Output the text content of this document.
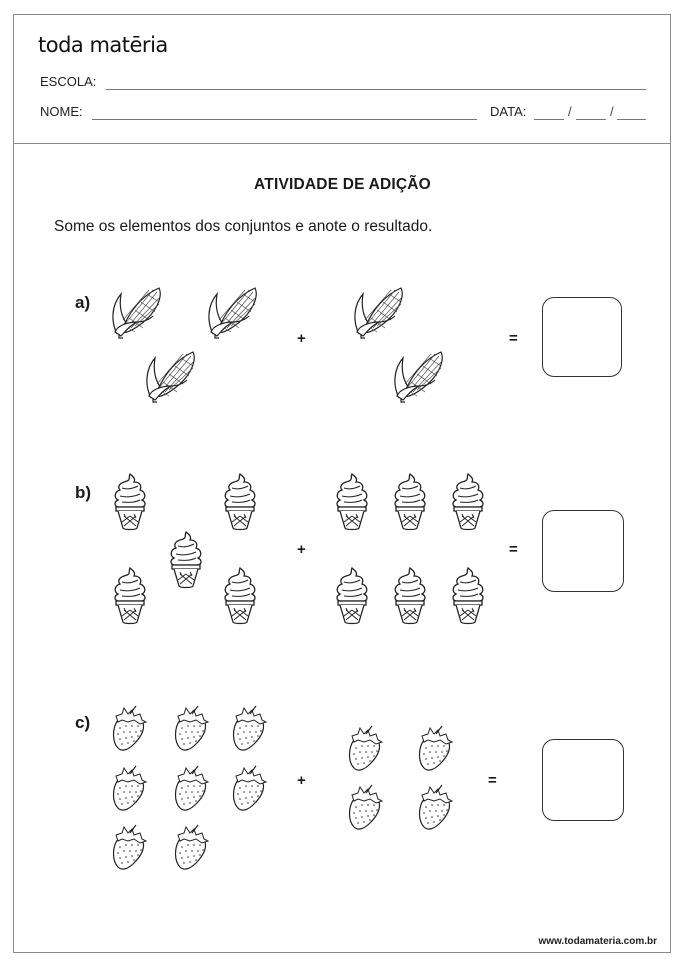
toda matēria
ESCOLA:
NOME:	DATA:	/	/
ATIVIDADE DE ADIÇÃO
Some os elementos dos conjuntos e anote o resultado.
a)
+	=
b)
+	=
c)
+	=
www.todamateria.com.br
